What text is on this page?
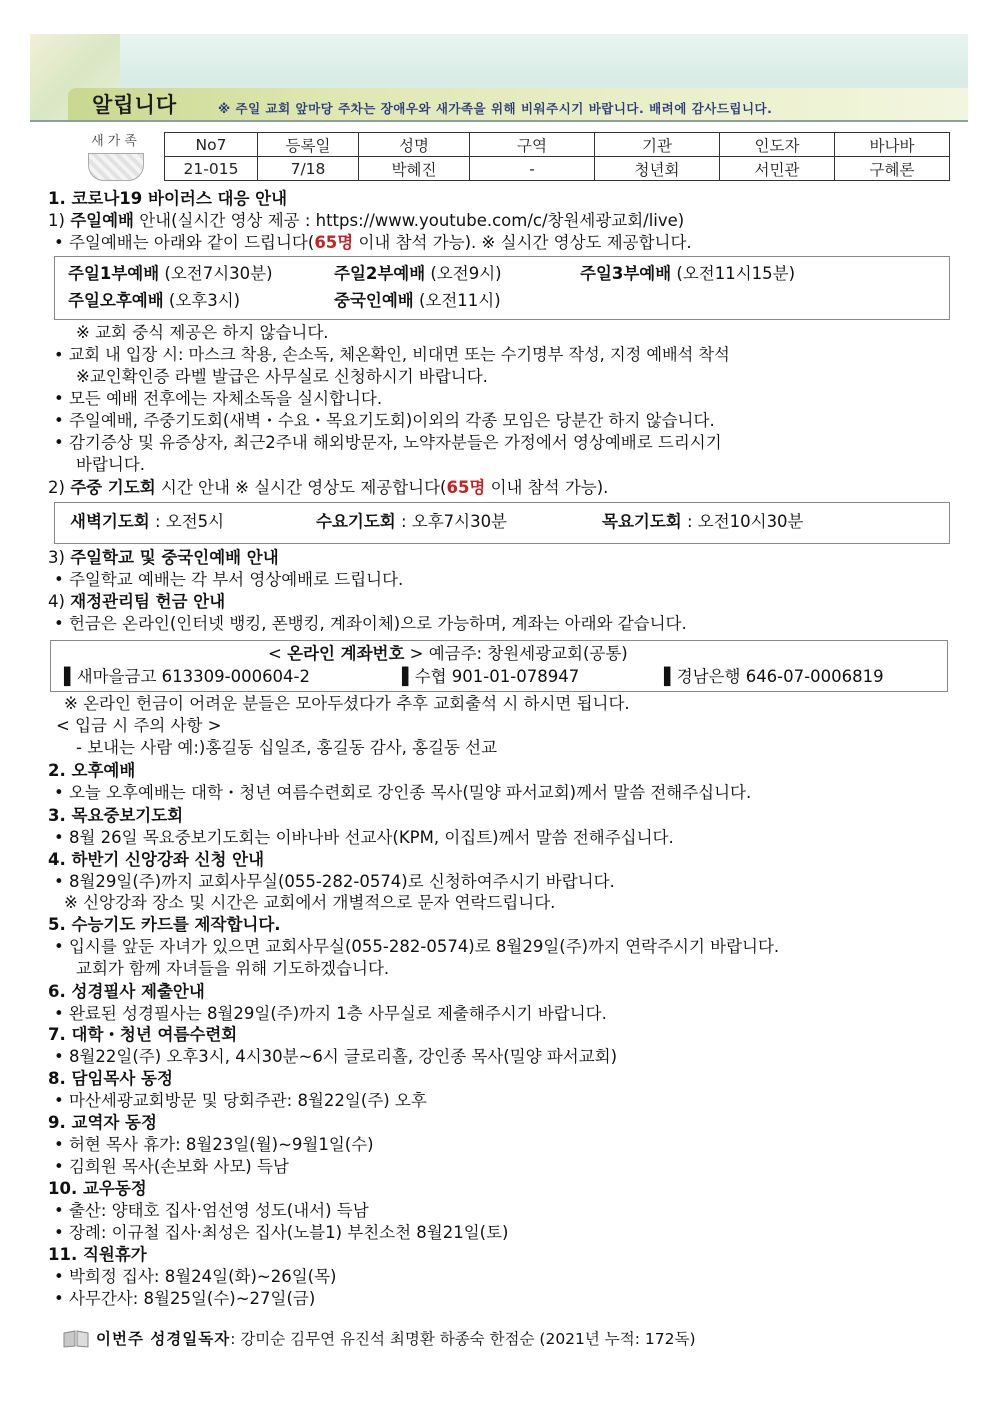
알립니다	※ 주일 교회 앞마당 주차는 장애우와 새가족을 위해 비워주시기 바랍니다. 배려에 감사드립니다.
새가족	No7	등록일	성명	구역	기관	인도자	바나바
21-015	7/18	박혜진	-	청년회	서민관	구혜론
1. 코로나19 바이러스 대응 안내
1) 주일예배 안내(실시간 영상 제공 : https://www.youtube.com/c/창원세광교회/live)
• 주일예배는 아래와 같이 드립니다(65명 이내 참석 가능). ※ 실시간 영상도 제공합니다.
주일1부예배 (오전7시30분)	주일2부예배 (오전9시)	주일3부예배 (오전11시15분)
주일오후예배 (오후3시)	중국인예배 (오전11시)
※ 교회 중식 제공은 하지 않습니다.
• 교회 내 입장 시: 마스크 착용, 손소독, 체온확인, 비대면 또는 수기명부 작성, 지정 예배석 착석
※교인확인증 라벨 발급은 사무실로 신청하시기 바랍니다.
• 모든 예배 전후에는 자체소독을 실시합니다.
• 주일예배, 주중기도회(새벽・수요・목요기도회)이외의 각종 모임은 당분간 하지 않습니다.
• 감기증상 및 유증상자, 최근2주내 해외방문자, 노약자분들은 가정에서 영상예배로 드리시기
바랍니다.
2) 주중 기도회 시간 안내 ※ 실시간 영상도 제공합니다(65명 이내 참석 가능).
새벽기도회 : 오전5시	수요기도회 : 오후7시30분	목요기도회 : 오전10시30분
3) 주일학교 및 중국인예배 안내
• 주일학교 예배는 각 부서 영상예배로 드립니다.
4) 재정관리팀 헌금 안내
• 헌금은 온라인(인터넷 뱅킹, 폰뱅킹, 계좌이체)으로 가능하며, 계좌는 아래와 같습니다.
< 온라인 계좌번호 > 예금주: 창원세광교회(공통)
▌새마을금고 613309-000604-2	▌수협 901-01-078947	▌경남은행 646-07-0006819
※ 온라인 헌금이 어려운 분들은 모아두셨다가 추후 교회출석 시 하시면 됩니다.
< 입금 시 주의 사항 >
- 보내는 사람 예:)홍길동 십일조, 홍길동 감사, 홍길동 선교
2. 오후예배
• 오늘 오후예배는 대학・청년 여름수련회로 강인종 목사(밀양 파서교회)께서 말씀 전해주십니다.
3. 목요중보기도회
• 8월 26일 목요중보기도회는 이바나바 선교사(KPM, 이집트)께서 말씀 전해주십니다.
4. 하반기 신앙강좌 신청 안내
• 8월29일(주)까지 교회사무실(055-282-0574)로 신청하여주시기 바랍니다.
※ 신앙강좌 장소 및 시간은 교회에서 개별적으로 문자 연락드립니다.
5. 수능기도 카드를 제작합니다.
• 입시를 앞둔 자녀가 있으면 교회사무실(055-282-0574)로 8월29일(주)까지 연락주시기 바랍니다.
교회가 함께 자녀들을 위해 기도하겠습니다.
6. 성경필사 제출안내
• 완료된 성경필사는 8월29일(주)까지 1층 사무실로 제출해주시기 바랍니다.
7. 대학・청년 여름수련회
• 8월22일(주) 오후3시, 4시30분~6시 글로리홀, 강인종 목사(밀양 파서교회)
8. 담임목사 동정
• 마산세광교회방문 및 당회주관: 8월22일(주) 오후
9. 교역자 동정
• 허현 목사 휴가: 8월23일(월)~9월1일(수)
• 김희원 목사(손보화 사모) 득남
10. 교우동정
• 출산: 양태호 집사·엄선영 성도(내서) 득남
• 장례: 이규철 집사·최성은 집사(노블1) 부친소천 8월21일(토)
11. 직원휴가
• 박희정 집사: 8월24일(화)~26일(목)
• 사무간사: 8월25일(수)~27일(금)
이번주 성경일독자: 강미순 김무연 유진석 최명환 하종숙 한점순 (2021년 누적: 172독)
